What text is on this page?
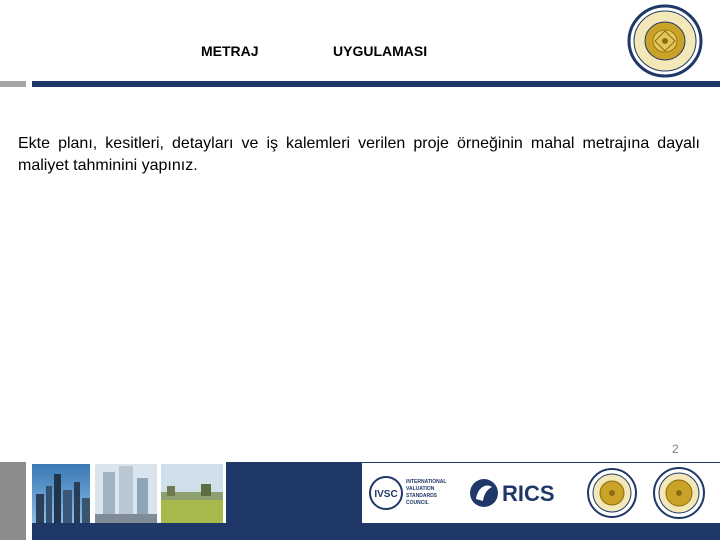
METRAJ	UYGULAMASI
Ekte planı, kesitleri, detayları ve iş kalemleri verilen proje örneğinin mahal metrajına dayalı maliyet tahminini yapınız.
2
IVSC
INTERNATIONAL
VALUATION
STANDARDS
COUNCIL	RICS
